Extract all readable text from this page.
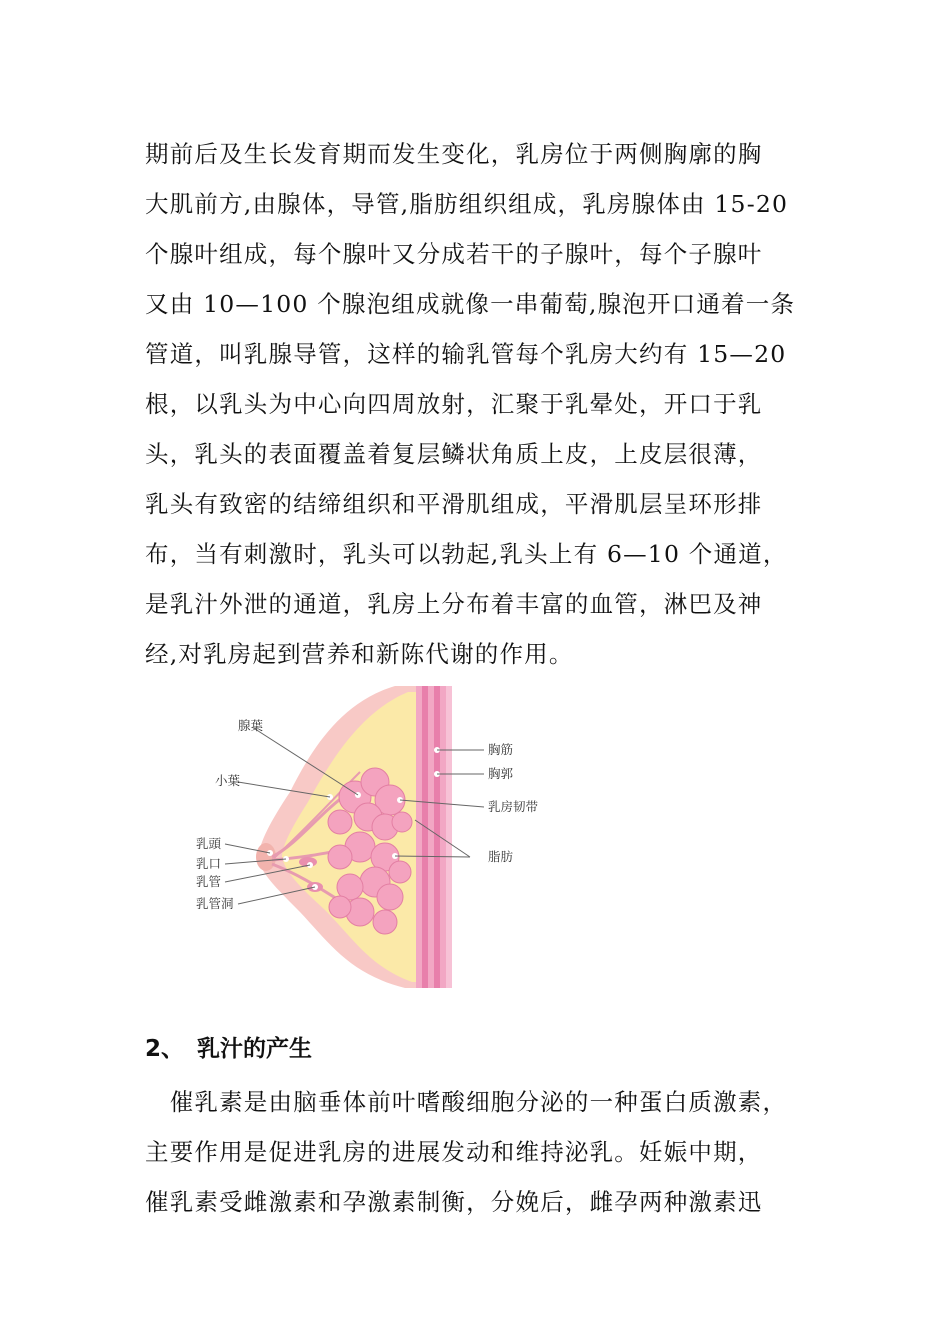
期前后及生长发育期而发生变化，乳房位于两侧胸廓的胸
大肌前方,由腺体，导管,脂肪组织组成，乳房腺体由 15-20
个腺叶组成，每个腺叶又分成若干的子腺叶，每个子腺叶
又由 10—100 个腺泡组成就像一串葡萄,腺泡开口通着一条
管道，叫乳腺导管，这样的输乳管每个乳房大约有 15—20
根，以乳头为中心向四周放射，汇聚于乳晕处，开口于乳
头，乳头的表面覆盖着复层鳞状角质上皮，上皮层很薄，
乳头有致密的结缔组织和平滑肌组成，平滑肌层呈环形排
布，当有刺激时，乳头可以勃起,乳头上有 6—10 个通道，
是乳汁外泄的通道，乳房上分布着丰富的血管，淋巴及神
经,对乳房起到营养和新陈代谢的作用。
腺葉
小葉
乳頭
乳口
乳管
乳管洞
胸筋
胸郭
乳房韧带
脂肪
2、 乳汁的产生
　催乳素是由脑垂体前叶嗜酸细胞分泌的一种蛋白质激素，
主要作用是促进乳房的进展发动和维持泌乳。妊娠中期，
催乳素受雌激素和孕激素制衡，分娩后，雌孕两种激素迅
